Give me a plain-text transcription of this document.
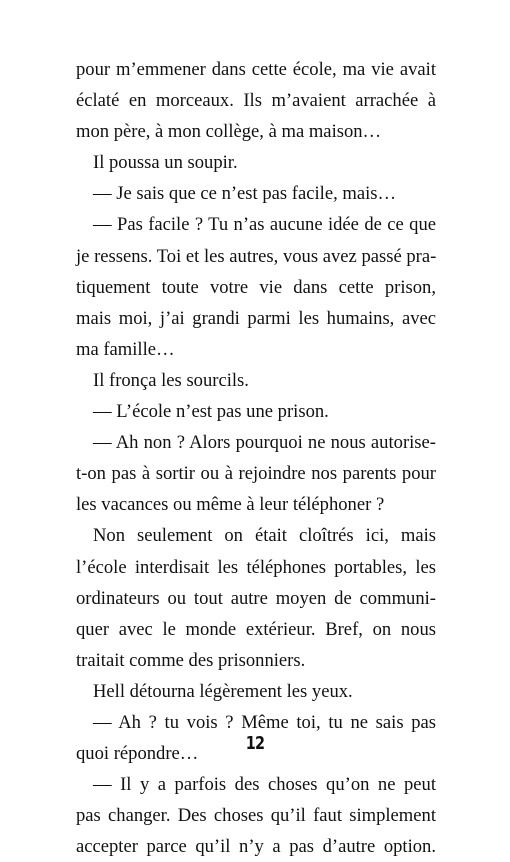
pour m’emmener dans cette école, ma vie avait
éclaté en morceaux. Ils m’avaient arrachée à
mon père, à mon collège, à ma maison…
Il poussa un soupir.
— Je sais que ce n’est pas facile, mais…
— Pas facile ? Tu n’as aucune idée de ce que
je ressens. Toi et les autres, vous avez passé pra-
tiquement toute votre vie dans cette prison,
mais moi, j’ai grandi parmi les humains, avec
ma famille…
Il fronça les sourcils.
— L’école n’est pas une prison.
— Ah non ? Alors pourquoi ne nous autorise-
t-on pas à sortir ou à rejoindre nos parents pour
les vacances ou même à leur téléphoner ?
Non seulement on était cloîtrés ici, mais
l’école interdisait les téléphones portables, les
ordinateurs ou tout autre moyen de communi-
quer avec le monde extérieur. Bref, on nous
traitait comme des prisonniers.
Hell détourna légèrement les yeux.
— Ah ? tu vois ? Même toi, tu ne sais pas
quoi répondre…
— Il y a parfois des choses qu’on ne peut
pas changer. Des choses qu’il faut simplement
accepter parce qu’il n’y a pas d’autre option.
12
